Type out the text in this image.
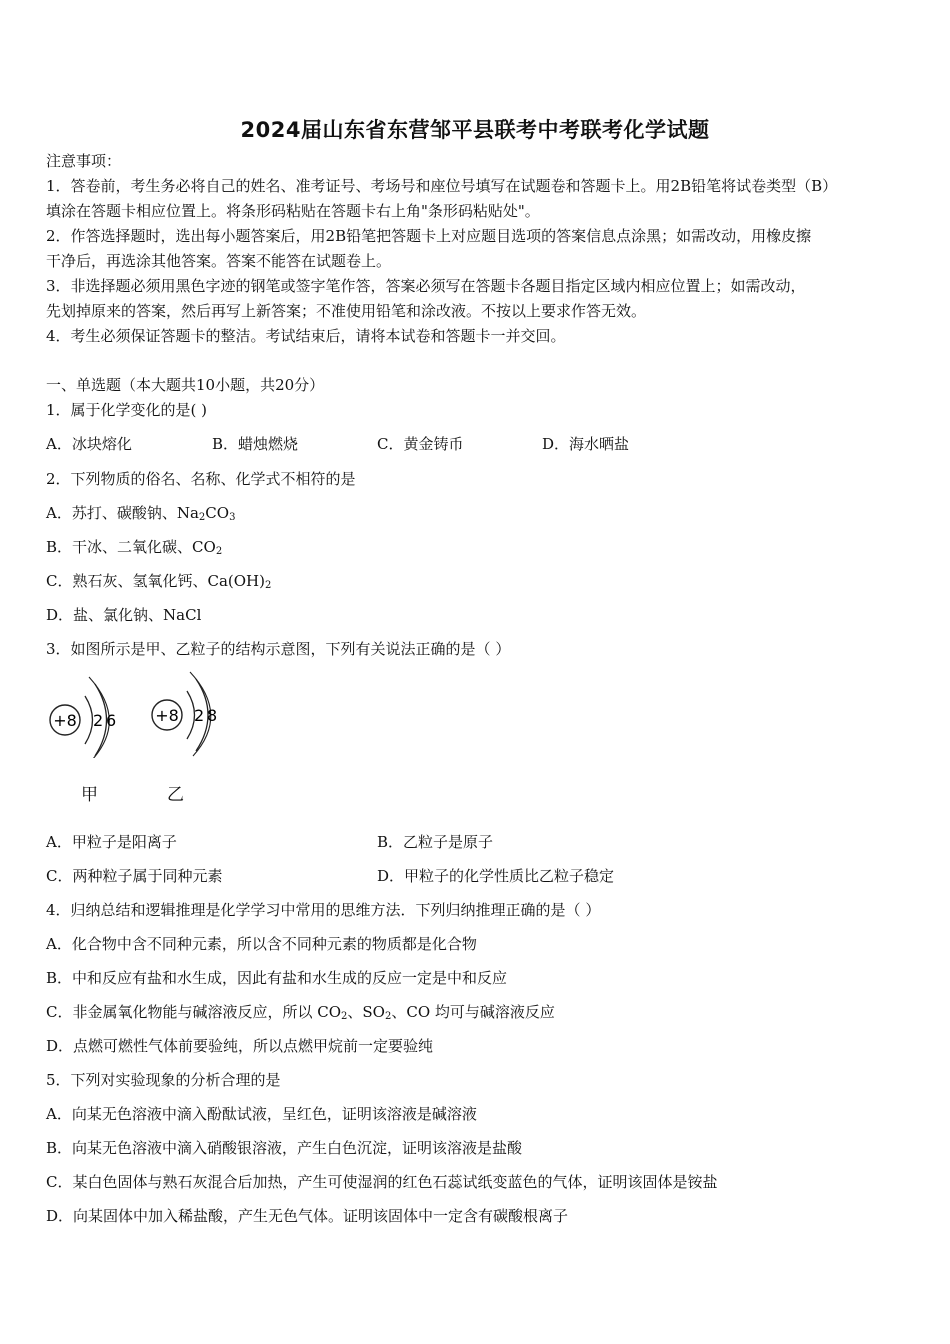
2024届山东省东营邹平县联考中考联考化学试题
注意事项：
1．答卷前，考生务必将自己的姓名、准考证号、考场号和座位号填写在试题卷和答题卡上。用2B铅笔将试卷类型（B）
填涂在答题卡相应位置上。将条形码粘贴在答题卡右上角"条形码粘贴处"。
2．作答选择题时，选出每小题答案后，用2B铅笔把答题卡上对应题目选项的答案信息点涂黑；如需改动，用橡皮擦
干净后，再选涂其他答案。答案不能答在试题卷上。
3．非选择题必须用黑色字迹的钢笔或签字笔作答，答案必须写在答题卡各题目指定区域内相应位置上；如需改动，
先划掉原来的答案，然后再写上新答案；不准使用铅笔和涂改液。不按以上要求作答无效。
4．考生必须保证答题卡的整洁。考试结束后，请将本试卷和答题卡一并交回。
一、单选题（本大题共10小题，共20分）
1．属于化学变化的是( )
A．冰块熔化	B．蜡烛燃烧	C．黄金铸币	D．海水晒盐
2．下列物质的俗名、名称、化学式不相符的是
A．苏打、碳酸钠、$Na_2CO_3$
B．干冰、二氧化碳、$CO_2$
C．熟石灰、氢氧化钙、$Ca(OH)_2$
D．盐、氯化钠、NaCl
3．如图所示是甲、乙粒子的结构示意图，下列有关说法正确的是（ ）
+8 2 6 +8 2 8
甲	乙
A．甲粒子是阳离子	B．乙粒子是原子
C．两种粒子属于同种元素	D．甲粒子的化学性质比乙粒子稳定
4．归纳总结和逻辑推理是化学学习中常用的思维方法．下列归纳推理正确的是（ ）
A．化合物中含不同种元素，所以含不同种元素的物质都是化合物
B．中和反应有盐和水生成，因此有盐和水生成的反应一定是中和反应
C．非金属氧化物能与碱溶液反应，所以 $CO_2$、$SO_2$、CO 均可与碱溶液反应
D．点燃可燃性气体前要验纯，所以点燃甲烷前一定要验纯
5．下列对实验现象的分析合理的是
A．向某无色溶液中滴入酚酞试液，呈红色，证明该溶液是碱溶液
B．向某无色溶液中滴入硝酸银溶液，产生白色沉淀，证明该溶液是盐酸
C．某白色固体与熟石灰混合后加热，产生可使湿润的红色石蕊试纸变蓝色的气体，证明该固体是铵盐
D．向某固体中加入稀盐酸，产生无色气体。证明该固体中一定含有碳酸根离子
